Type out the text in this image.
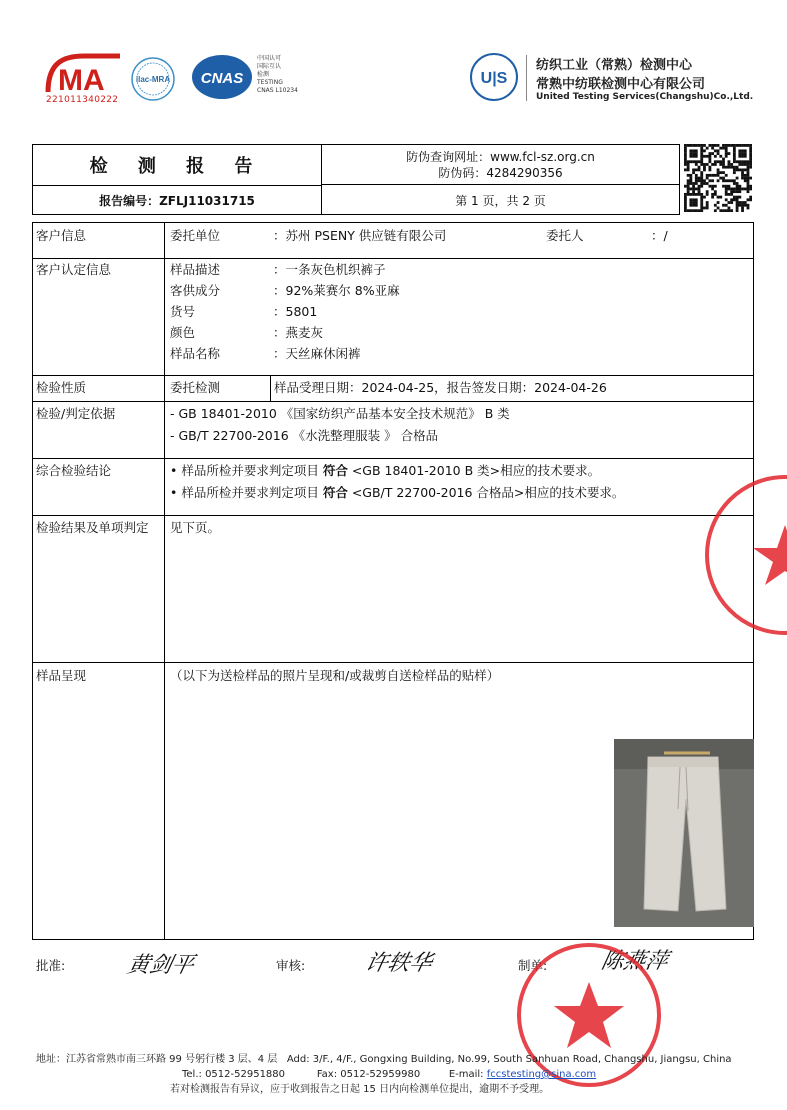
MA
221011340222
ilac-MRA CNAS
中国认可
国际互认
检测
TESTING
CNAS L10234
U|S
纺织工业（常熟）检测中心
常熟中纺联检测中心有限公司
United Testing Services(Changshu)Co.,Ltd.
检 测 报 告	防伪查询网址：www.fcl-sz.org.cn
防伪码：4284290356
报告编号：ZFLJ11031715	第 1 页，共 2 页
客户信息	委托单位	：苏州 PSENY 供应链有限公司	委托人	：/
客户认定信息	样品描述	：一条灰色机织裤子
客供成分	：92%莱赛尔 8%亚麻
货号	：5801
颜色	：燕麦灰
样品名称	：天丝麻休闲裤
检验性质	委托检测	样品受理日期：2024-04-25，报告签发日期：2024-04-26
检验/判定依据	- GB 18401-2010 《国家纺织产品基本安全技术规范》 B 类
- GB/T 22700-2016 《水洗整理服装 》 合格品
综合检验结论	• 样品所检并要求判定项目 符合 <GB 18401-2010 B 类>相应的技术要求。
• 样品所检并要求判定项目 符合 <GB/T 22700-2016 合格品>相应的技术要求。
检验结果及单项判定 见下页。
样品呈现	（以下为送检样品的照片呈现和/或裁剪自送检样品的贴样）
批准:	黄剑平	审核:	许轶华	制单: 陈燕萍
地址：江苏省常熟市南三环路 99 号躬行楼 3 层、4 层 Add: 3/F., 4/F., Gongxing Building, No.99, South Sanhuan Road, Changshu, Jiangsu, China
Tel.: 0512-52951880	Fax: 0512-52959980	E-mail: fccstesting@sina.com
若对检测报告有异议，应于收到报告之日起 15 日内向检测单位提出，逾期不予受理。
